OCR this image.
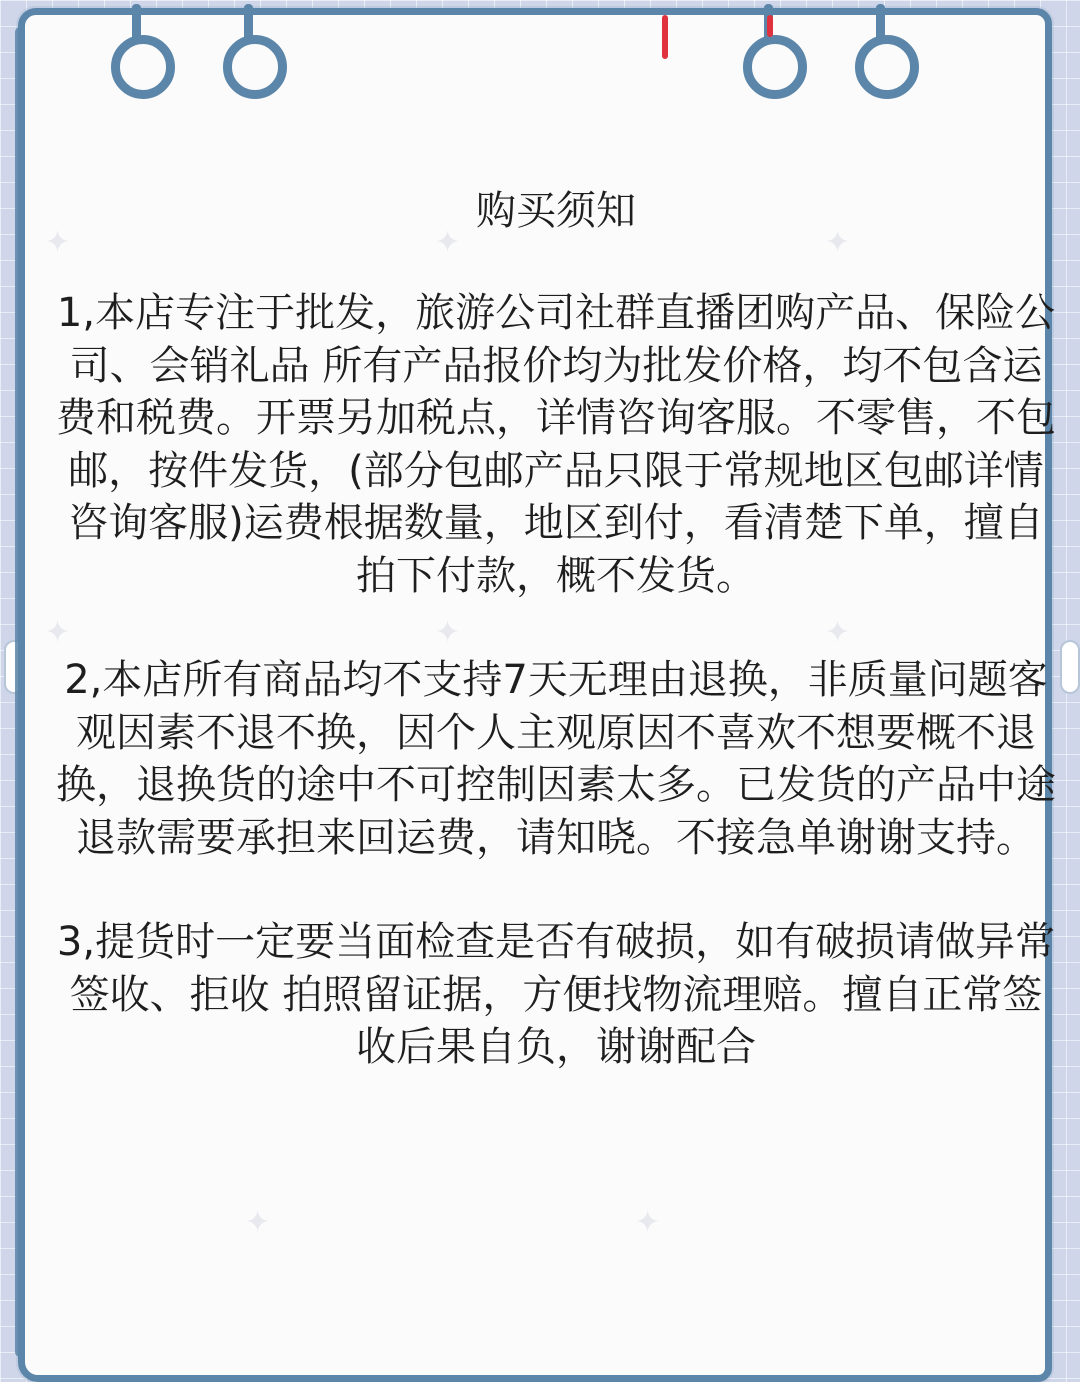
✦	✦	✦
✦	✦	✦
✦	✦
购买须知

1,本店专注于批发，旅游公司社群直播团购产品、保险公司、会销礼品 所有产品报价均为批发价格，均不包含运费和税费。开票另加税点，详情咨询客服。不零售，不包邮，按件发货，(部分包邮产品只限于常规地区包邮详情咨询客服)运费根据数量，地区到付，看清楚下单，擅自拍下付款，概不发货。

2,本店所有商品均不支持7天无理由退换，非质量问题客观因素不退不换，因个人主观原因不喜欢不想要概不退换，退换货的途中不可控制因素太多。已发货的产品中途退款需要承担来回运费，请知晓。不接急单谢谢支持。

3,提货时一定要当面检查是否有破损，如有破损请做异常签收、拒收 拍照留证据，方便找物流理赔。擅自正常签收后果自负，谢谢配合
